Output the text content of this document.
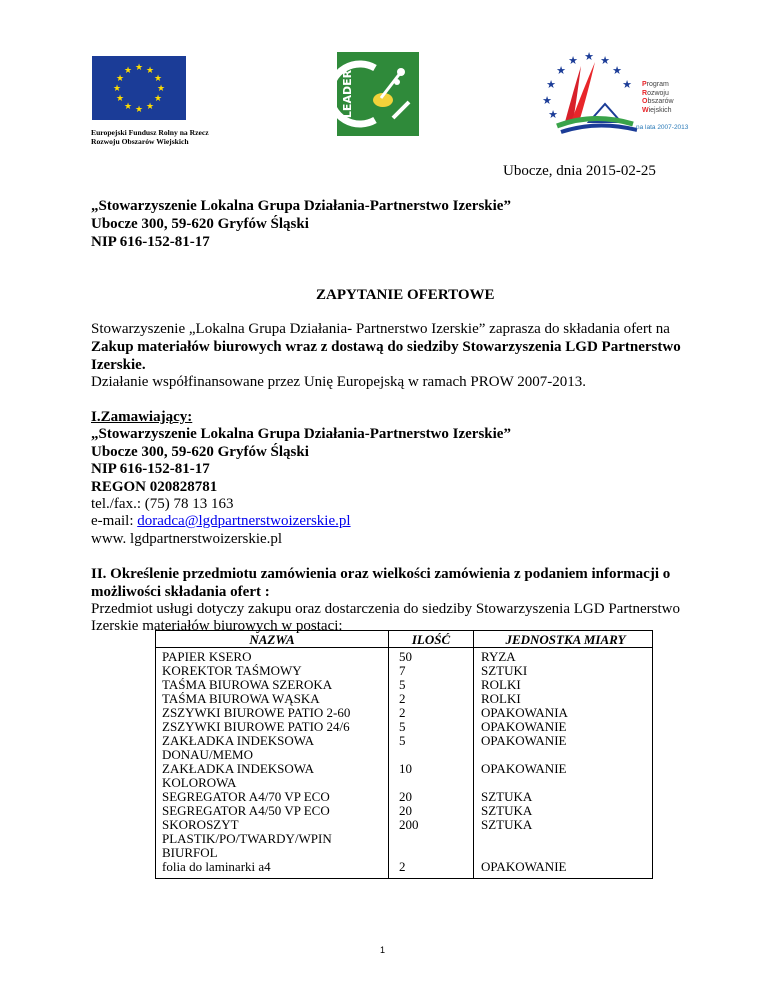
★ ★
★
★
★
★
★
★
★
★
★
★
Europejski Fundusz Rolny na Rzecz
Rozwoju Obszarów Wiejskich
LEADER	★
★ ★ ★
★
★
★
★
★ Program
Rozwoju
Obszarów
Wiejskich
na lata 2007-2013
Ubocze, dnia 2015-02-25
„Stowarzyszenie Lokalna Grupa Działania-Partnerstwo Izerskie”
Ubocze 300, 59-620 Gryfów Śląski
NIP 616-152-81-17
ZAPYTANIE OFERTOWE
Stowarzyszenie „Lokalna Grupa Działania- Partnerstwo Izerskie” zaprasza do składania ofert na
Zakup materiałów biurowych wraz z dostawą do siedziby Stowarzyszenia LGD Partnerstwo
Izerskie.
Działanie współfinansowane przez Unię Europejską w ramach PROW 2007-2013.
I.Zamawiający:
„Stowarzyszenie Lokalna Grupa Działania-Partnerstwo Izerskie”
Ubocze 300, 59-620 Gryfów Śląski
NIP 616-152-81-17
REGON 020828781
tel./fax.: (75) 78 13 163
e-mail: doradca@lgdpartnerstwoizerskie.pl
www. lgdpartnerstwoizerskie.pl
II. Określenie przedmiotu zamówienia oraz wielkości zamówienia z podaniem informacji o
możliwości składania ofert :
Przedmiot usługi dotyczy zakupu oraz dostarczenia do siedziby Stowarzyszenia LGD Partnerstwo
Izerskie materiałów biurowych w postaci:
NAZWA	ILOŚĆ	JEDNOSTKA MIARY
PAPIER KSERO	50	RYZA
KOREKTOR TAŚMOWY	7	SZTUKI
TAŚMA BIUROWA SZEROKA	5	ROLKI
TAŚMA BIUROWA WĄSKA	2	ROLKI
ZSZYWKI BIUROWE PATIO 2-60	2	OPAKOWANIA
ZSZYWKI BIUROWE PATIO 24/6	5	OPAKOWANIE
ZAKŁADKA INDEKSOWA
DONAU/MEMO	5	OPAKOWANIE
ZAKŁADKA INDEKSOWA
KOLOROWA	10	OPAKOWANIE
SEGREGATOR A4/70 VP ECO	20	SZTUKA
SEGREGATOR A4/50 VP ECO	20	SZTUKA
SKOROSZYT
PLASTIK/PO/TWARDY/WPIN
BIURFOL	200	SZTUKA
folia do laminarki a4	2	OPAKOWANIE
1
